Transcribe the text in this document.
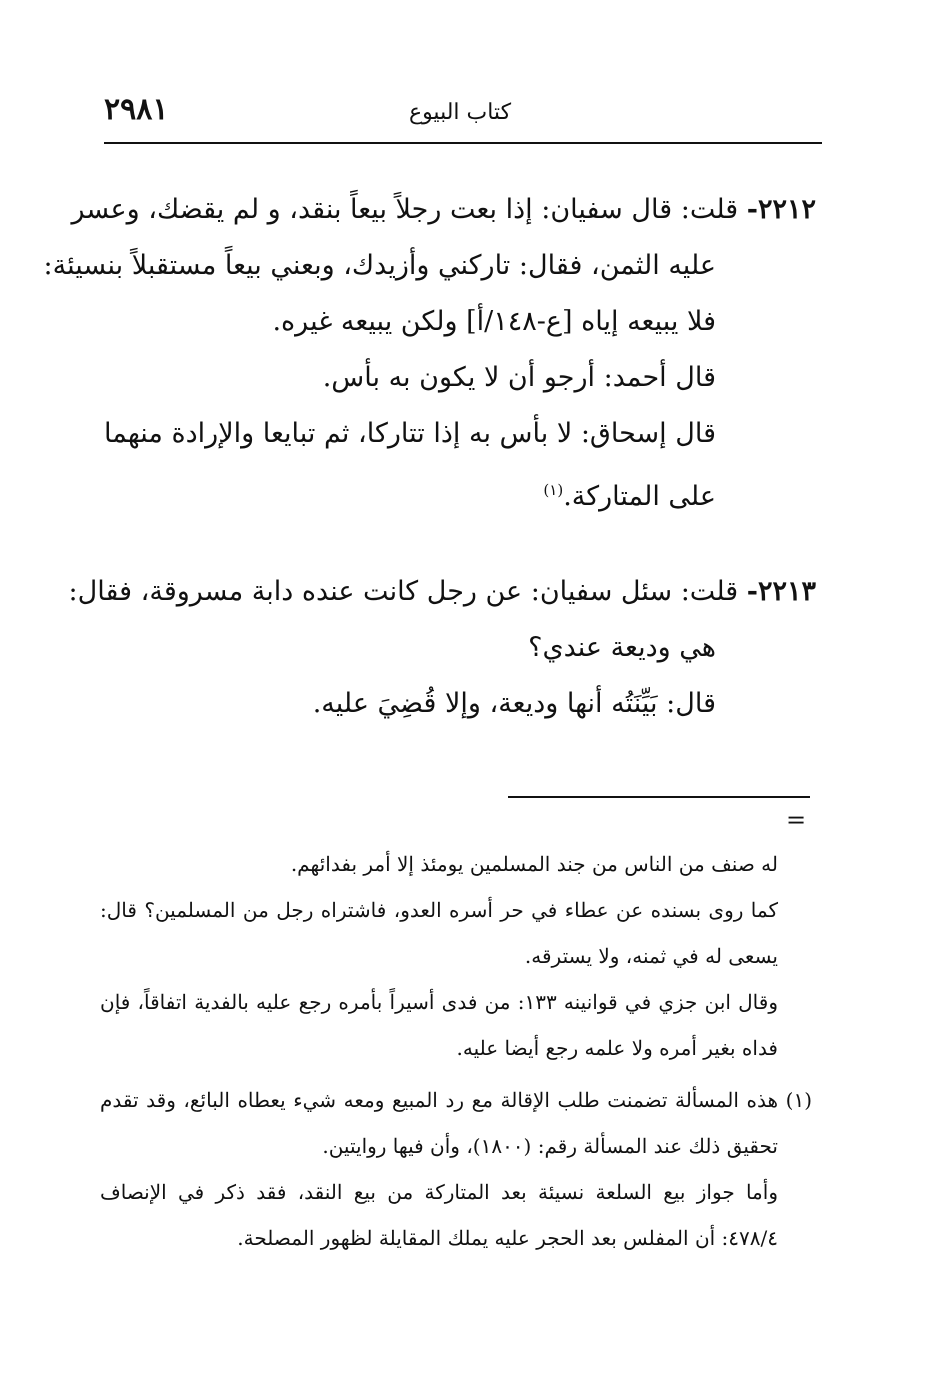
٢٩٨١	كتاب البيوع
٢٢١٢- قلت: قال سفيان: إذا بعت رجلاً بيعاً بنقد، و لم يقضك، وعسر
عليه الثمن، فقال: تاركني وأزيدك، وبعني بيعاً مستقبلاً بنسيئة:
فلا يبيعه إياه [ع-١٤٨/أ] ولكن يبيعه غيره.
قال أحمد: أرجو أن لا يكون به بأس.
قال إسحاق: لا بأس به إذا تتاركا، ثم تبايعا والإرادة منهما
على المتاركة.$^{(١)}$
٢٢١٣- قلت: سئل سفيان: عن رجل كانت عنده دابة مسروقة، فقال:
هي وديعة عندي؟
قال: بَيِّنَتُه أنها وديعة، وإلا قُضِيَ عليه.
=
له صنف من الناس من جند المسلمين يومئذ إلا أمر بفدائهم.
كما روى بسنده عن عطاء في حر أسره العدو، فاشتراه رجل من المسلمين؟ قال:
يسعى له في ثمنه، ولا يسترقه.
وقال ابن جزي في قوانينه ١٣٣: من فدى أسيراً بأمره رجع عليه بالفدية اتفاقاً، فإن
فداه بغير أمره ولا علمه رجع أيضا عليه.
(١) هذه المسألة تضمنت طلب الإقالة مع رد المبيع ومعه شيء يعطاه البائع، وقد تقدم
تحقيق ذلك عند المسألة رقم: (١٨٠٠)، وأن فيها روايتين.
وأما جواز بيع السلعة نسيئة بعد المتاركة من بيع النقد، فقد ذكر في الإنصاف
٤٧٨/٤: أن المفلس بعد الحجر عليه يملك المقايلة لظهور المصلحة.
